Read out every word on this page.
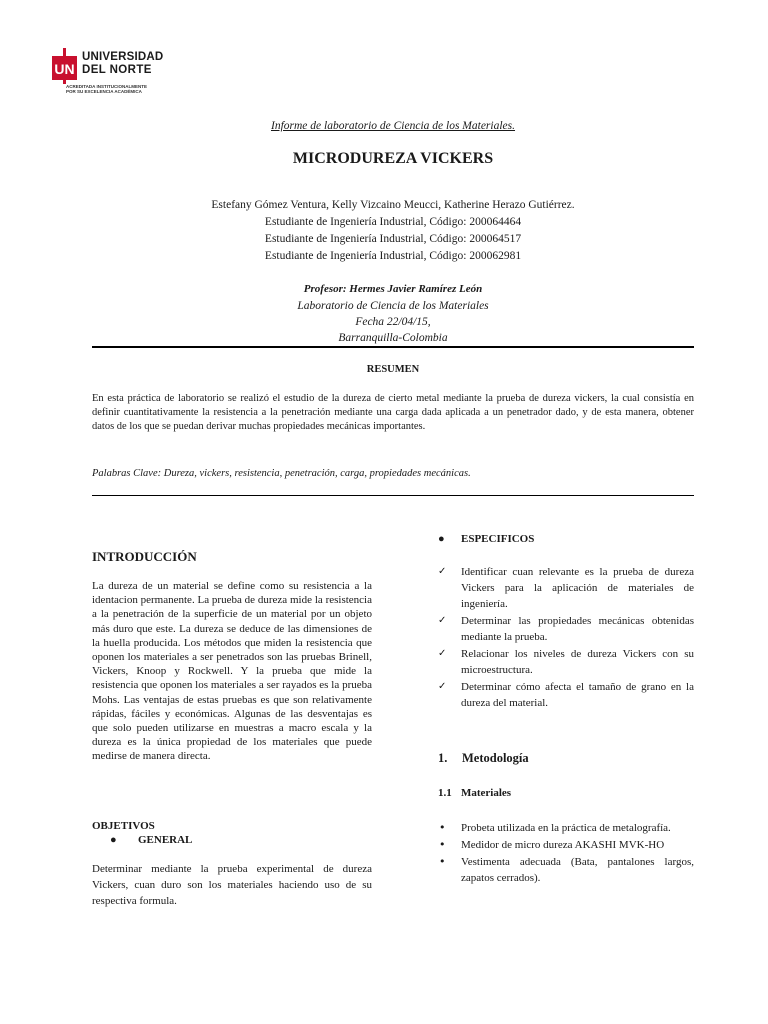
UN
UNIVERSIDAD
DEL NORTE
ACREDITADA INSTITUCIONALMENTE
POR SU EXCELENCIA ACADÉMICA
Informe de laboratorio de Ciencia de los Materiales.
MICRODUREZA VICKERS
Estefany Gómez Ventura, Kelly Vizcaino Meucci, Katherine Herazo Gutiérrez.
Estudiante de Ingeniería Industrial, Código: 200064464
Estudiante de Ingeniería Industrial, Código: 200064517
Estudiante de Ingeniería Industrial, Código: 200062981
Profesor: Hermes Javier Ramírez León
Laboratorio de Ciencia de los Materiales
Fecha 22/04/15,
Barranquilla-Colombia
RESUMEN

En esta práctica de laboratorio se realizó el estudio de la dureza de cierto metal mediante la prueba de dureza vickers, la cual consistía en definir cuantitativamente la resistencia a la penetración mediante una carga dada aplicada a un penetrador dado, y de esta manera, obtener datos de los que se puedan derivar muchas propiedades mecánicas importantes.

Palabras Clave: Dureza, vickers, resistencia, penetración, carga, propiedades mecánicas.

INTRODUCCIÓN

La dureza de un material se define como su resistencia a la identacion permanente. La prueba de dureza mide la resistencia a la penetración de la superficie de un material por un objeto más duro que este. La dureza se deduce de las dimensiones de la huella producida. Los métodos que miden la resistencia que oponen los materiales a ser penetrados son las pruebas Brinell, Vickers, Knoop y Rockwell. Y la prueba que mide la resistencia que oponen los materiales a ser rayados es la prueba Mohs. Las ventajas de estas pruebas es que son relativamente rápidas, fáciles y económicas. Algunas de las desventajas es que solo pueden utilizarse en muestras a macro escala y la dureza es la única propiedad de los materiales que puede medirse de manera directa.

OBJETIVOS
● GENERAL

Determinar mediante la prueba experimental de dureza Vickers, cuan duro son los materiales haciendo uso de su respectiva formula.

● ESPECIFICOS
✓ Identificar cuan relevante es la prueba de dureza Vickers para la aplicación de materiales de ingeniería.
✓ Determinar las propiedades mecánicas obtenidas mediante la prueba.
✓ Relacionar los niveles de dureza Vickers con su microestructura.
✓ Determinar cómo afecta el tamaño de grano en la dureza del material.
1. Metodología
1.1 Materiales
• Probeta utilizada en la práctica de metalografía.
• Medidor de micro dureza AKASHI MVK-HO
• Vestimenta adecuada (Bata, pantalones largos, zapatos cerrados).
